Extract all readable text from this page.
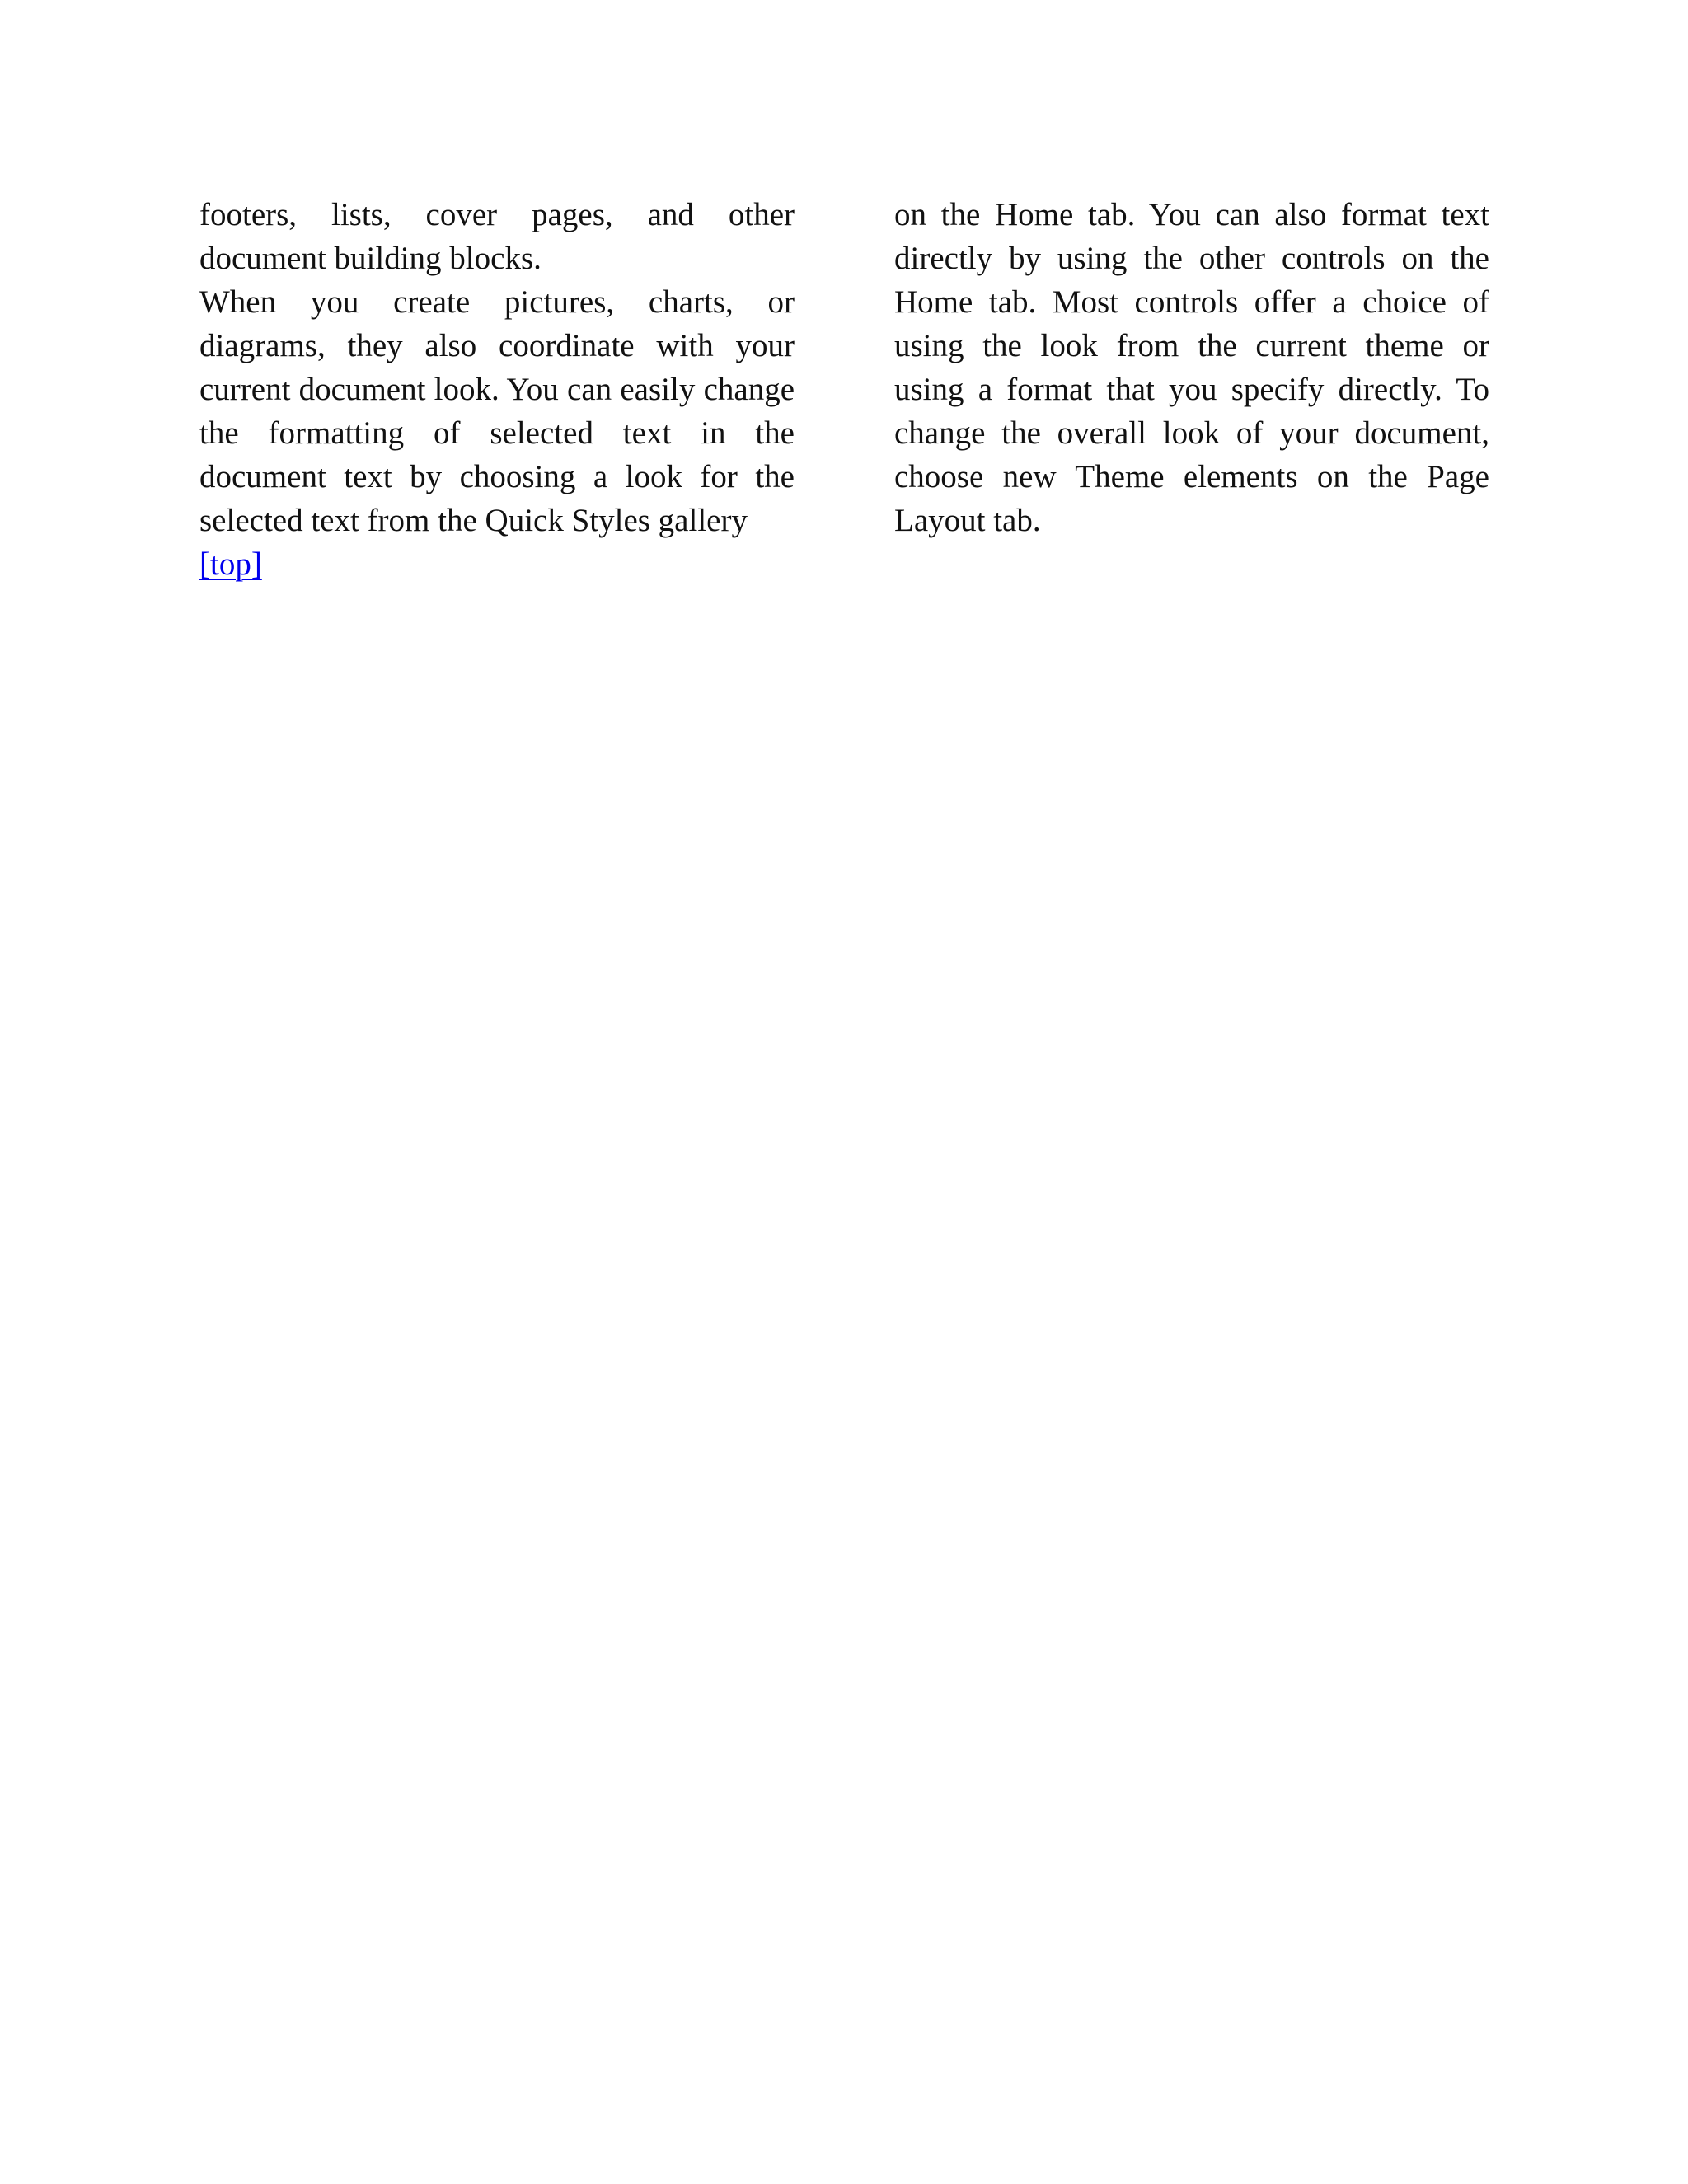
footers, lists, cover pages, and other document building blocks.

When you create pictures, charts, or diagrams, they also coordinate with your current document look. You can easily change the formatting of selected text in the document text by choosing a look for the selected text from the Quick Styles gallery

[top]

on the Home tab. You can also format text directly by using the other controls on the Home tab. Most controls offer a choice of using the look from the current theme or using a format that you specify directly. To change the overall look of your document, choose new Theme elements on the Page Layout tab.
